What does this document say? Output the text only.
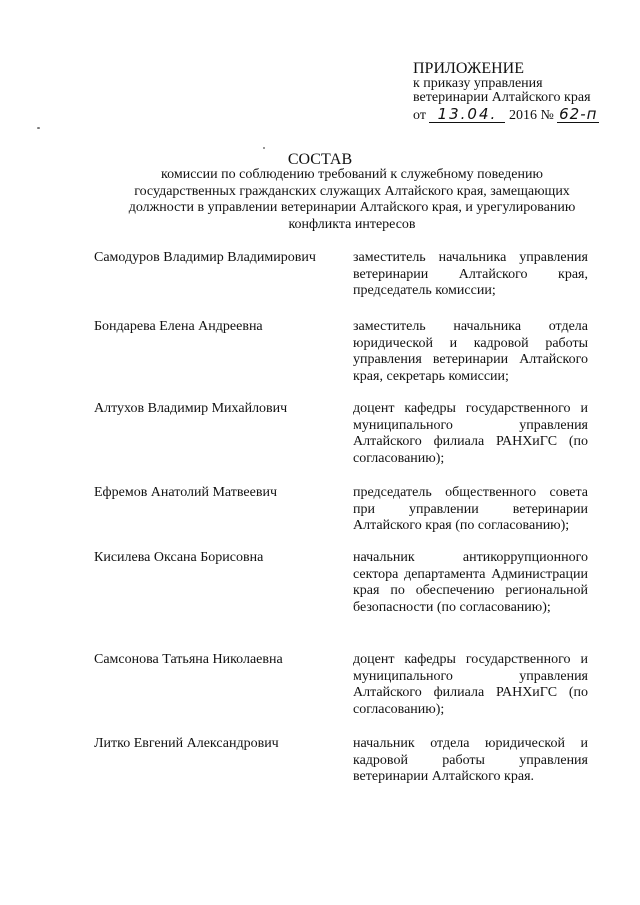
ПРИЛОЖЕНИЕ
к приказу управления
ветеринарии Алтайского края
от 13.04. 2016 № 62-п
СОСТАВ
комиссии по соблюдению требований к служебному поведению государственных гражданских служащих Алтайского края, замещающих должности в управлении ветеринарии Алтайского края, и урегулированию конфликта интересов
Самодуров Владимир Владимирович	заместитель начальника управления ветеринарии Алтайского края, председатель комиссии;
Бондарева Елена Андреевна	заместитель начальника отдела юридической и кадровой работы управления ветеринарии Алтайского края, секретарь комиссии;
Алтухов Владимир Михайлович	доцент кафедры государственного и муниципального управления Алтайского филиала РАНХиГС (по согласованию);
Ефремов Анатолий Матвеевич	председатель общественного совета при управлении ветеринарии Алтайского края (по согласованию);
Кисилева Оксана Борисовна	начальник антикоррупционного сектора департамента Администрации края по обеспечению региональной безопасности (по согласованию);
Самсонова Татьяна Николаевна	доцент кафедры государственного и муниципального управления Алтайского филиала РАНХиГС (по согласованию);
Литко Евгений Александрович	начальник отдела юридической и кадровой работы управления ветеринарии Алтайского края.
